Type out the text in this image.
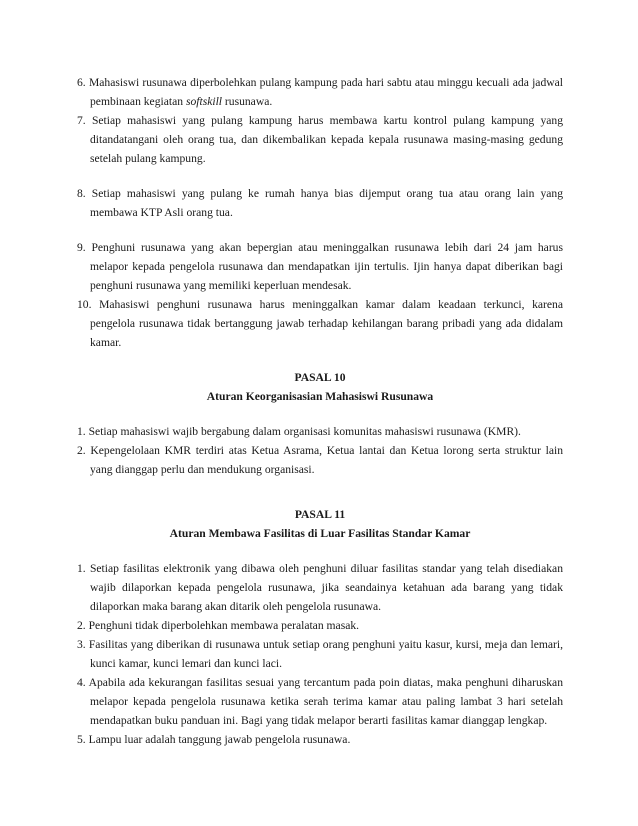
6. Mahasiswi rusunawa diperbolehkan pulang kampung pada hari sabtu atau minggu kecuali ada jadwal pembinaan kegiatan softskill rusunawa.

7. Setiap mahasiswi yang pulang kampung harus membawa kartu kontrol pulang kampung yang ditandatangani oleh orang tua, dan dikembalikan kepada kepala rusunawa masing-masing gedung setelah pulang kampung.

8. Setiap mahasiswi yang pulang ke rumah hanya bias dijemput orang tua atau orang lain yang membawa KTP Asli orang tua.

9. Penghuni rusunawa yang akan bepergian atau meninggalkan rusunawa lebih dari 24 jam harus melapor kepada pengelola rusunawa dan mendapatkan ijin tertulis. Ijin hanya dapat diberikan bagi penghuni rusunawa yang memiliki keperluan mendesak.

10. Mahasiswi penghuni rusunawa harus meninggalkan kamar dalam keadaan terkunci, karena pengelola rusunawa tidak bertanggung jawab terhadap kehilangan barang pribadi yang ada didalam kamar.

PASAL 10

Aturan Keorganisasian Mahasiswi Rusunawa

1. Setiap mahasiswi wajib bergabung dalam organisasi komunitas mahasiswi rusunawa (KMR).

2. Kepengelolaan KMR terdiri atas Ketua Asrama, Ketua lantai dan Ketua lorong serta struktur lain yang dianggap perlu dan mendukung organisasi.

PASAL 11

Aturan Membawa Fasilitas di Luar Fasilitas Standar Kamar

1. Setiap fasilitas elektronik yang dibawa oleh penghuni diluar fasilitas standar yang telah disediakan wajib dilaporkan kepada pengelola rusunawa, jika seandainya ketahuan ada barang yang tidak dilaporkan maka barang akan ditarik oleh pengelola rusunawa.

2. Penghuni tidak diperbolehkan membawa peralatan masak.

3. Fasilitas yang diberikan di rusunawa untuk setiap orang penghuni yaitu kasur, kursi, meja dan lemari, kunci kamar, kunci lemari dan kunci laci.

4. Apabila ada kekurangan fasilitas sesuai yang tercantum pada poin diatas, maka penghuni diharuskan melapor kepada pengelola rusunawa ketika serah terima kamar atau paling lambat 3 hari setelah mendapatkan buku panduan ini. Bagi yang tidak melapor berarti fasilitas kamar dianggap lengkap.

5. Lampu luar adalah tanggung jawab pengelola rusunawa.
